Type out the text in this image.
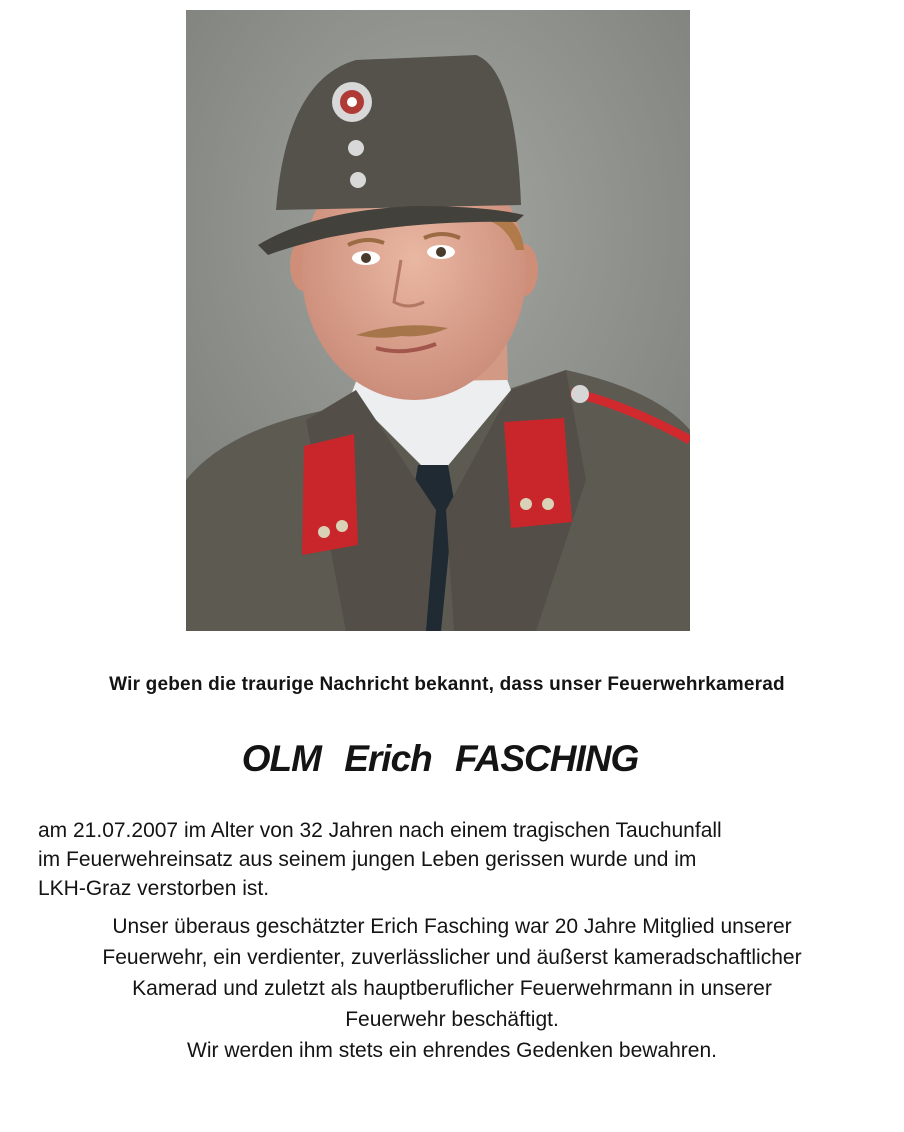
Wir geben die traurige Nachricht bekannt, dass unser Feuerwehrkamerad
OLM Erich FASCHING
am 21.07.2007 im Alter von 32 Jahren nach einem tragischen Tauchunfall
im Feuerwehreinsatz aus seinem jungen Leben gerissen wurde und im
LKH-Graz verstorben ist.
Unser überaus geschätzter Erich Fasching war 20 Jahre Mitglied unserer
Feuerwehr, ein verdienter, zuverlässlicher und äußerst kameradschaftlicher
Kamerad und zuletzt als hauptberuflicher Feuerwehrmann in unserer
Feuerwehr beschäftigt.
Wir werden ihm stets ein ehrendes Gedenken bewahren.
